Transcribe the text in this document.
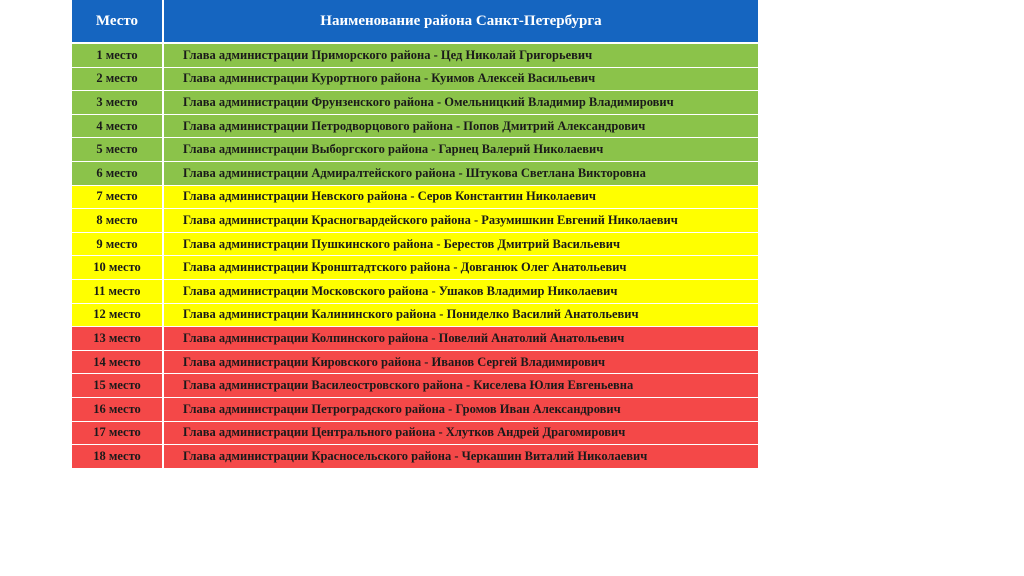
Место	Наименование района Санкт-Петербурга
1 место	Глава администрации Приморского района - Цед Николай Григорьевич
2 место	Глава администрации Курортного района - Куимов Алексей Васильевич
3 место	Глава администрации Фрунзенского района - Омельницкий Владимир Владимирович
4 место	Глава администрации Петродворцового района - Попов Дмитрий Александрович
5 место	Глава администрации Выборгского района - Гарнец Валерий Николаевич
6 место	Глава администрации Адмиралтейского района - Штукова Светлана Викторовна
7 место	Глава администрации Невского района - Серов Константин Николаевич
8 место	Глава администрации Красногвардейского района - Разумишкин Евгений Николаевич
9 место	Глава администрации Пушкинского района - Берестов Дмитрий Васильевич
10 место	Глава администрации Кронштадтского района - Довганюк Олег Анатольевич
11 место	Глава администрации Московского района - Ушаков Владимир Николаевич
12 место	Глава администрации Калининского района - Пониделко Василий Анатольевич
13 место	Глава администрации Колпинского района - Повелий Анатолий Анатольевич
14 место	Глава администрации Кировского района - Иванов Сергей Владимирович
15 место	Глава администрации Василеостровского района - Киселева Юлия Евгеньевна
16 место	Глава администрации Петроградского района - Громов Иван Александрович
17 место	Глава администрации Центрального района - Хлутков Андрей Драгомирович
18 место	Глава администрации Красносельского района - Черкашин Виталий Николаевич
